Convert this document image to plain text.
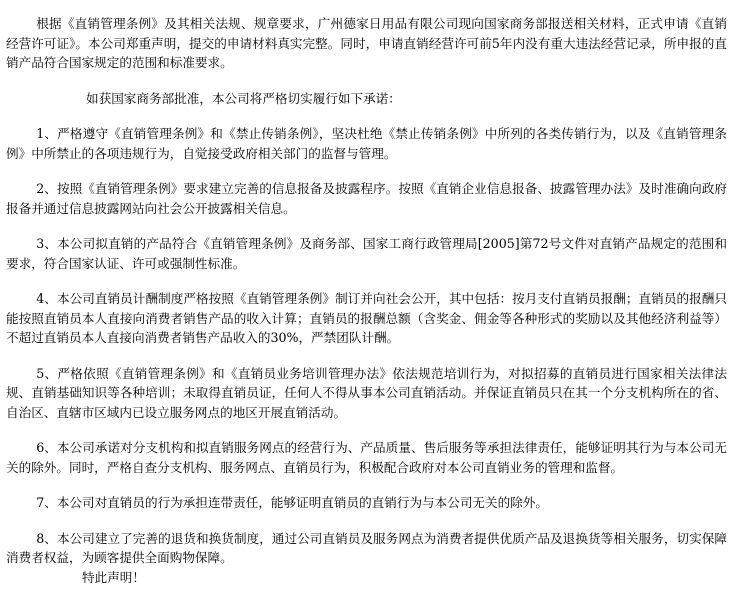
根据《直销管理条例》及其相关法规、规章要求，广州德家日用品有限公司现向国家商务部报送相关材料，正式申请《直销经营许可证》。本公司郑重声明，提交的申请材料真实完整。同时，申请直销经营许可前5年内没有重大违法经营记录，所申报的直销产品符合国家规定的范围和标准要求。

如获国家商务部批准，本公司将严格切实履行如下承诺：

1、严格遵守《直销管理条例》和《禁止传销条例》，坚决杜绝《禁止传销条例》中所列的各类传销行为，以及《直销管理条例》中所禁止的各项违规行为，自觉接受政府相关部门的监督与管理。

2、按照《直销管理条例》要求建立完善的信息报备及披露程序。按照《直销企业信息报备、披露管理办法》及时准确向政府报备并通过信息披露网站向社会公开披露相关信息。

3、本公司拟直销的产品符合《直销管理条例》及商务部、国家工商行政管理局[2005]第72号文件对直销产品规定的范围和要求，符合国家认证、许可或强制性标准。

4、本公司直销员计酬制度严格按照《直销管理条例》制订并向社会公开，其中包括：按月支付直销员报酬；直销员的报酬只能按照直销员本人直接向消费者销售产品的收入计算；直销员的报酬总额（含奖金、佣金等各种形式的奖励以及其他经济利益等）不超过直销员本人直接向消费者销售产品收入的30%，严禁团队计酬。

5、严格依照《直销管理条例》和《直销员业务培训管理办法》依法规范培训行为，对拟招募的直销员进行国家相关法律法规、直销基础知识等各种培训；未取得直销员证，任何人不得从事本公司直销活动。并保证直销员只在其一个分支机构所在的省、自治区、直辖市区域内已设立服务网点的地区开展直销活动。

6、本公司承诺对分支机构和拟直销服务网点的经营行为、产品质量、售后服务等承担法律责任，能够证明其行为与本公司无关的除外。同时，严格自查分支机构、服务网点、直销员行为，积极配合政府对本公司直销业务的管理和监督。

7、本公司对直销员的行为承担连带责任，能够证明直销员的直销行为与本公司无关的除外。

8、本公司建立了完善的退货和换货制度，通过公司直销员及服务网点为消费者提供优质产品及退换货等相关服务，切实保障消费者权益，为顾客提供全面购物保障。

特此声明！
